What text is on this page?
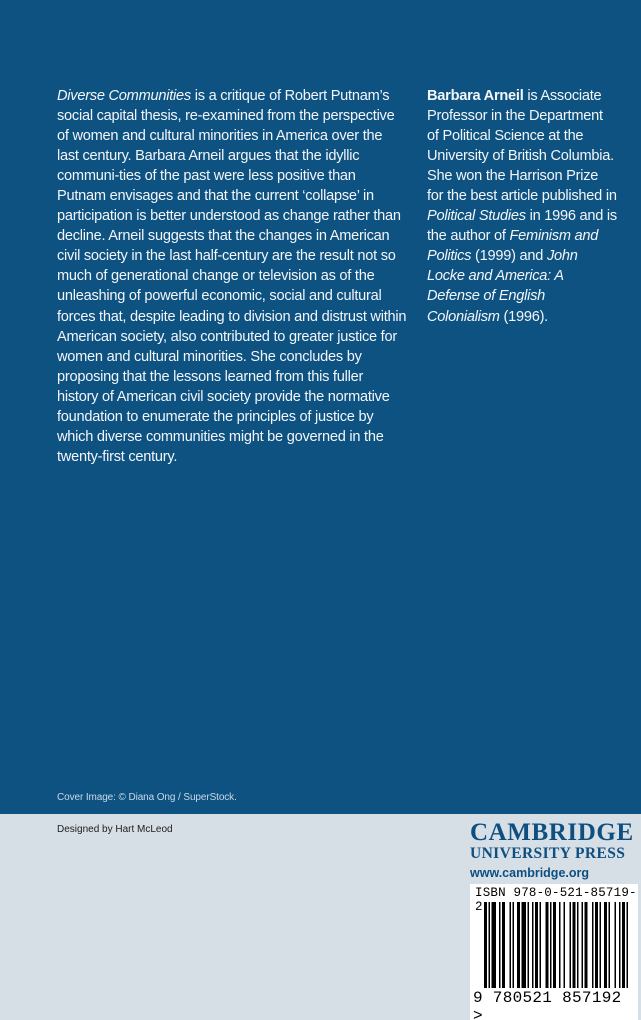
Diverse Communities is a critique of Robert Putnam’s social capital thesis, re-examined from the perspective of women and cultural minorities in America over the last century. Barbara Arneil argues that the idyllic communi-ties of the past were less positive than Putnam envisages and that the current ‘collapse’ in participation is better understood as change rather than decline. Arneil suggests that the changes in American civil society in the last half-century are the result not so much of generational change or television as of the unleashing of powerful economic, social and cultural forces that, despite leading to division and distrust within American society, also contributed to greater justice for women and cultural minorities. She concludes by proposing that the lessons learned from this fuller history of American civil society provide the normative foundation to enumerate the principles of justice by which diverse communities might be governed in the twenty-first century.

Barbara Arneil is Associate Professor in the Department of Political Science at the University of British Columbia. She won the Harrison Prize for the best article published in Political Studies in 1996 and is the author of Feminism and Politics (1999) and John Locke and America: A Defense of English Colonialism (1996).

Cover Image: © Diana Ong / SuperStock.
Designed by Hart McLeod	CAMBRIDGE
UNIVERSITY PRESS
www.cambridge.org
ISBN 978-0-521-85719-2
9 780521 857192 >
